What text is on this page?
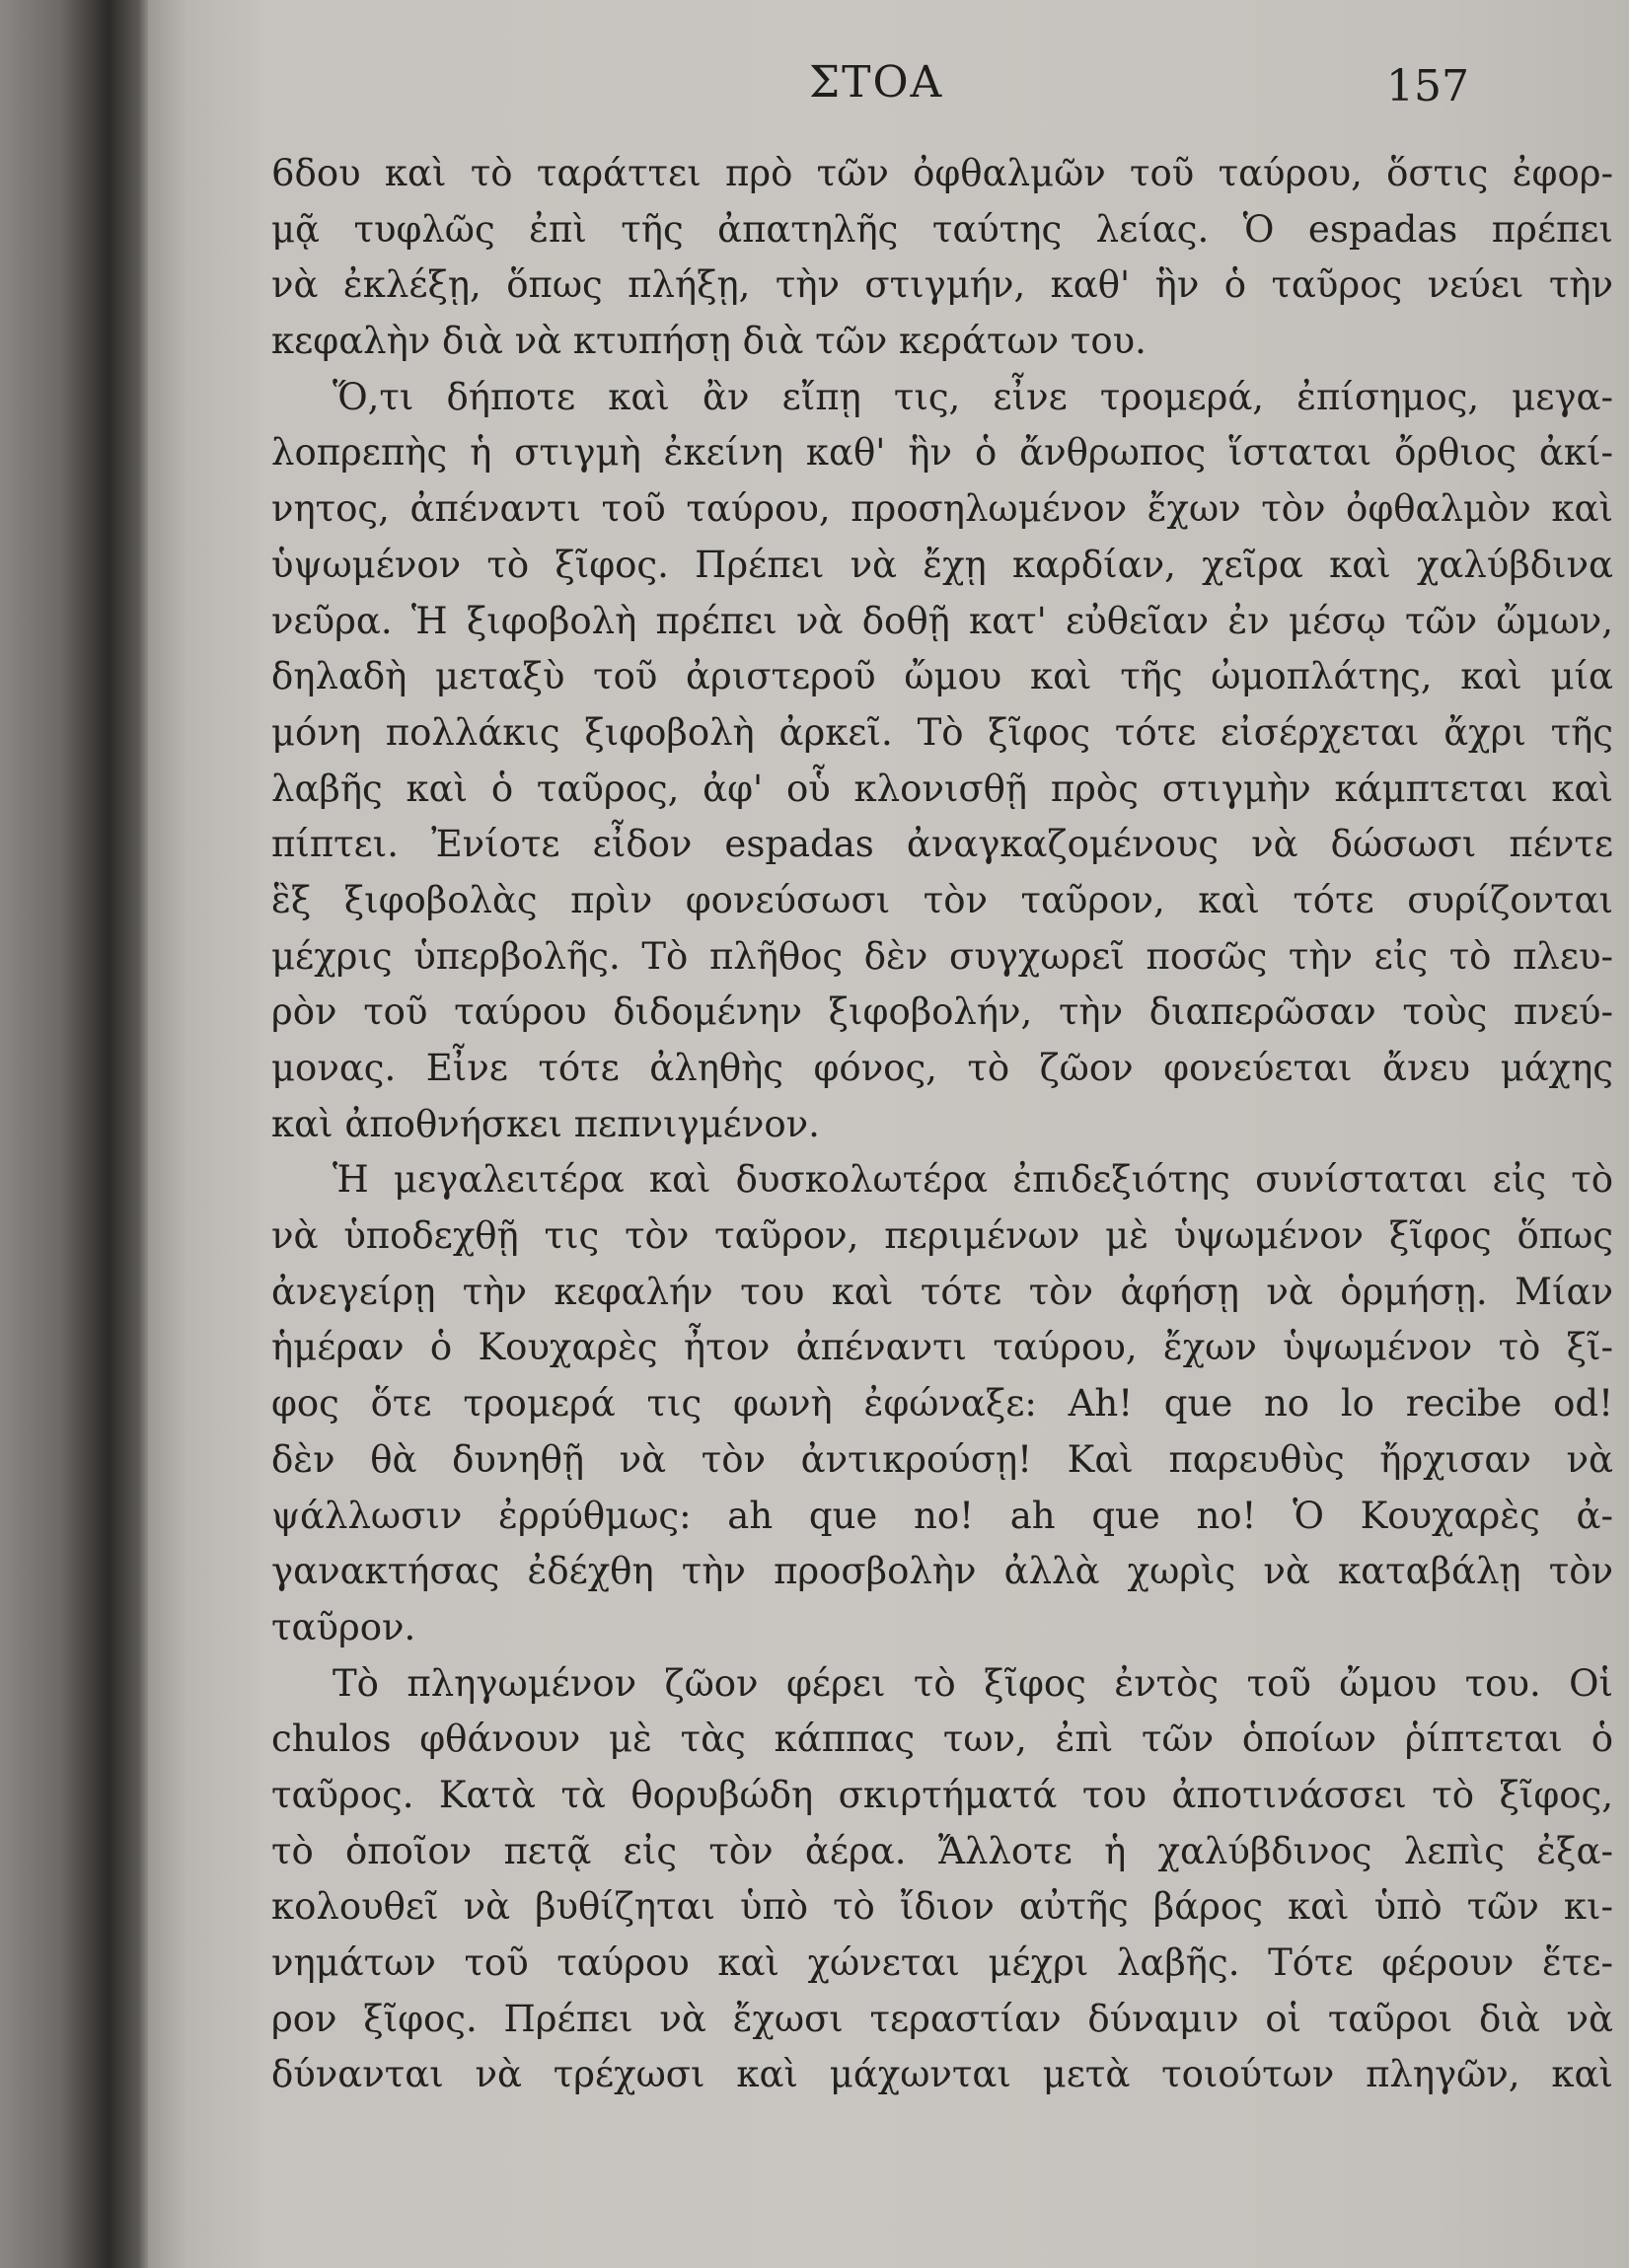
ΣΤΟΑ	157
6δου καὶ τὸ ταράττει πρὸ τῶν ὀφθαλμῶν τοῦ ταύρου, ὅστις ἐφορ-
μᾷ τυφλῶς ἐπὶ τῆς ἀπατηλῆς ταύτης λείας. Ὁ espadas πρέπει
νὰ ἐκλέξῃ, ὅπως πλήξῃ, τὴν στιγμήν, καθ' ἣν ὁ ταῦρος νεύει τὴν
κεφαλὴν διὰ νὰ κτυπήσῃ διὰ τῶν κεράτων του.
Ὅ,τι δήποτε καὶ ἂν εἴπῃ τις, εἶνε τρομερά, ἐπίσημος, μεγα-
λοπρεπὴς ἡ στιγμὴ ἐκείνη καθ' ἣν ὁ ἄνθρωπος ἵσταται ὄρθιος ἀκί-
νητος, ἀπέναντι τοῦ ταύρου, προσηλωμένον ἔχων τὸν ὀφθαλμὸν καὶ
ὑψωμένον τὸ ξῖφος. Πρέπει νὰ ἔχῃ καρδίαν, χεῖρα καὶ χαλύβδινα
νεῦρα. Ἡ ξιφοβολὴ πρέπει νὰ δοθῇ κατ' εὐθεῖαν ἐν μέσῳ τῶν ὤμων,
δηλαδὴ μεταξὺ τοῦ ἀριστεροῦ ὤμου καὶ τῆς ὠμοπλάτης, καὶ μία
μόνη πολλάκις ξιφοβολὴ ἀρκεῖ. Τὸ ξῖφος τότε εἰσέρχεται ἄχρι τῆς
λαβῆς καὶ ὁ ταῦρος, ἀφ' οὗ κλονισθῇ πρὸς στιγμὴν κάμπτεται καὶ
πίπτει. Ἐνίοτε εἶδον espadas ἀναγκαζομένους νὰ δώσωσι πέντε
ἓξ ξιφοβολὰς πρὶν φονεύσωσι τὸν ταῦρον, καὶ τότε συρίζονται
μέχρις ὑπερβολῆς. Τὸ πλῆθος δὲν συγχωρεῖ ποσῶς τὴν εἰς τὸ πλευ-
ρὸν τοῦ ταύρου διδομένην ξιφοβολήν, τὴν διαπερῶσαν τοὺς πνεύ-
μονας. Εἶνε τότε ἀληθὴς φόνος, τὸ ζῶον φονεύεται ἄνευ μάχης
καὶ ἀποθνήσκει πεπνιγμένον.
Ἡ μεγαλειτέρα καὶ δυσκολωτέρα ἐπιδεξιότης συνίσταται εἰς τὸ
νὰ ὑποδεχθῇ τις τὸν ταῦρον, περιμένων μὲ ὑψωμένον ξῖφος ὅπως
ἀνεγείρῃ τὴν κεφαλήν του καὶ τότε τὸν ἀφήσῃ νὰ ὁρμήσῃ. Μίαν
ἡμέραν ὁ Κουχαρὲς ἦτον ἀπέναντι ταύρου, ἔχων ὑψωμένον τὸ ξῖ-
φος ὅτε τρομερά τις φωνὴ ἐφώναξε: Ah! que no lo recibe od!
δὲν θὰ δυνηθῇ νὰ τὸν ἀντικρούσῃ! Καὶ παρευθὺς ἤρχισαν νὰ
ψάλλωσιν ἐρρύθμως: ah que no! ah que no! Ὁ Κουχαρὲς ἀ-
γανακτήσας ἐδέχθη τὴν προσβολὴν ἀλλὰ χωρὶς νὰ καταβάλῃ τὸν
ταῦρον.
Τὸ πληγωμένον ζῶον φέρει τὸ ξῖφος ἐντὸς τοῦ ὤμου του. Οἱ
chulos φθάνουν μὲ τὰς κάππας των, ἐπὶ τῶν ὁποίων ῥίπτεται ὁ
ταῦρος. Κατὰ τὰ θορυβώδη σκιρτήματά του ἀποτινάσσει τὸ ξῖφος,
τὸ ὁποῖον πετᾷ εἰς τὸν ἀέρα. Ἄλλοτε ἡ χαλύβδινος λεπὶς ἐξα-
κολουθεῖ νὰ βυθίζηται ὑπὸ τὸ ἴδιον αὐτῆς βάρος καὶ ὑπὸ τῶν κι-
νημάτων τοῦ ταύρου καὶ χώνεται μέχρι λαβῆς. Τότε φέρουν ἕτε-
ρον ξῖφος. Πρέπει νὰ ἔχωσι τεραστίαν δύναμιν οἱ ταῦροι διὰ νὰ
δύνανται νὰ τρέχωσι καὶ μάχωνται μετὰ τοιούτων πληγῶν, καὶ
